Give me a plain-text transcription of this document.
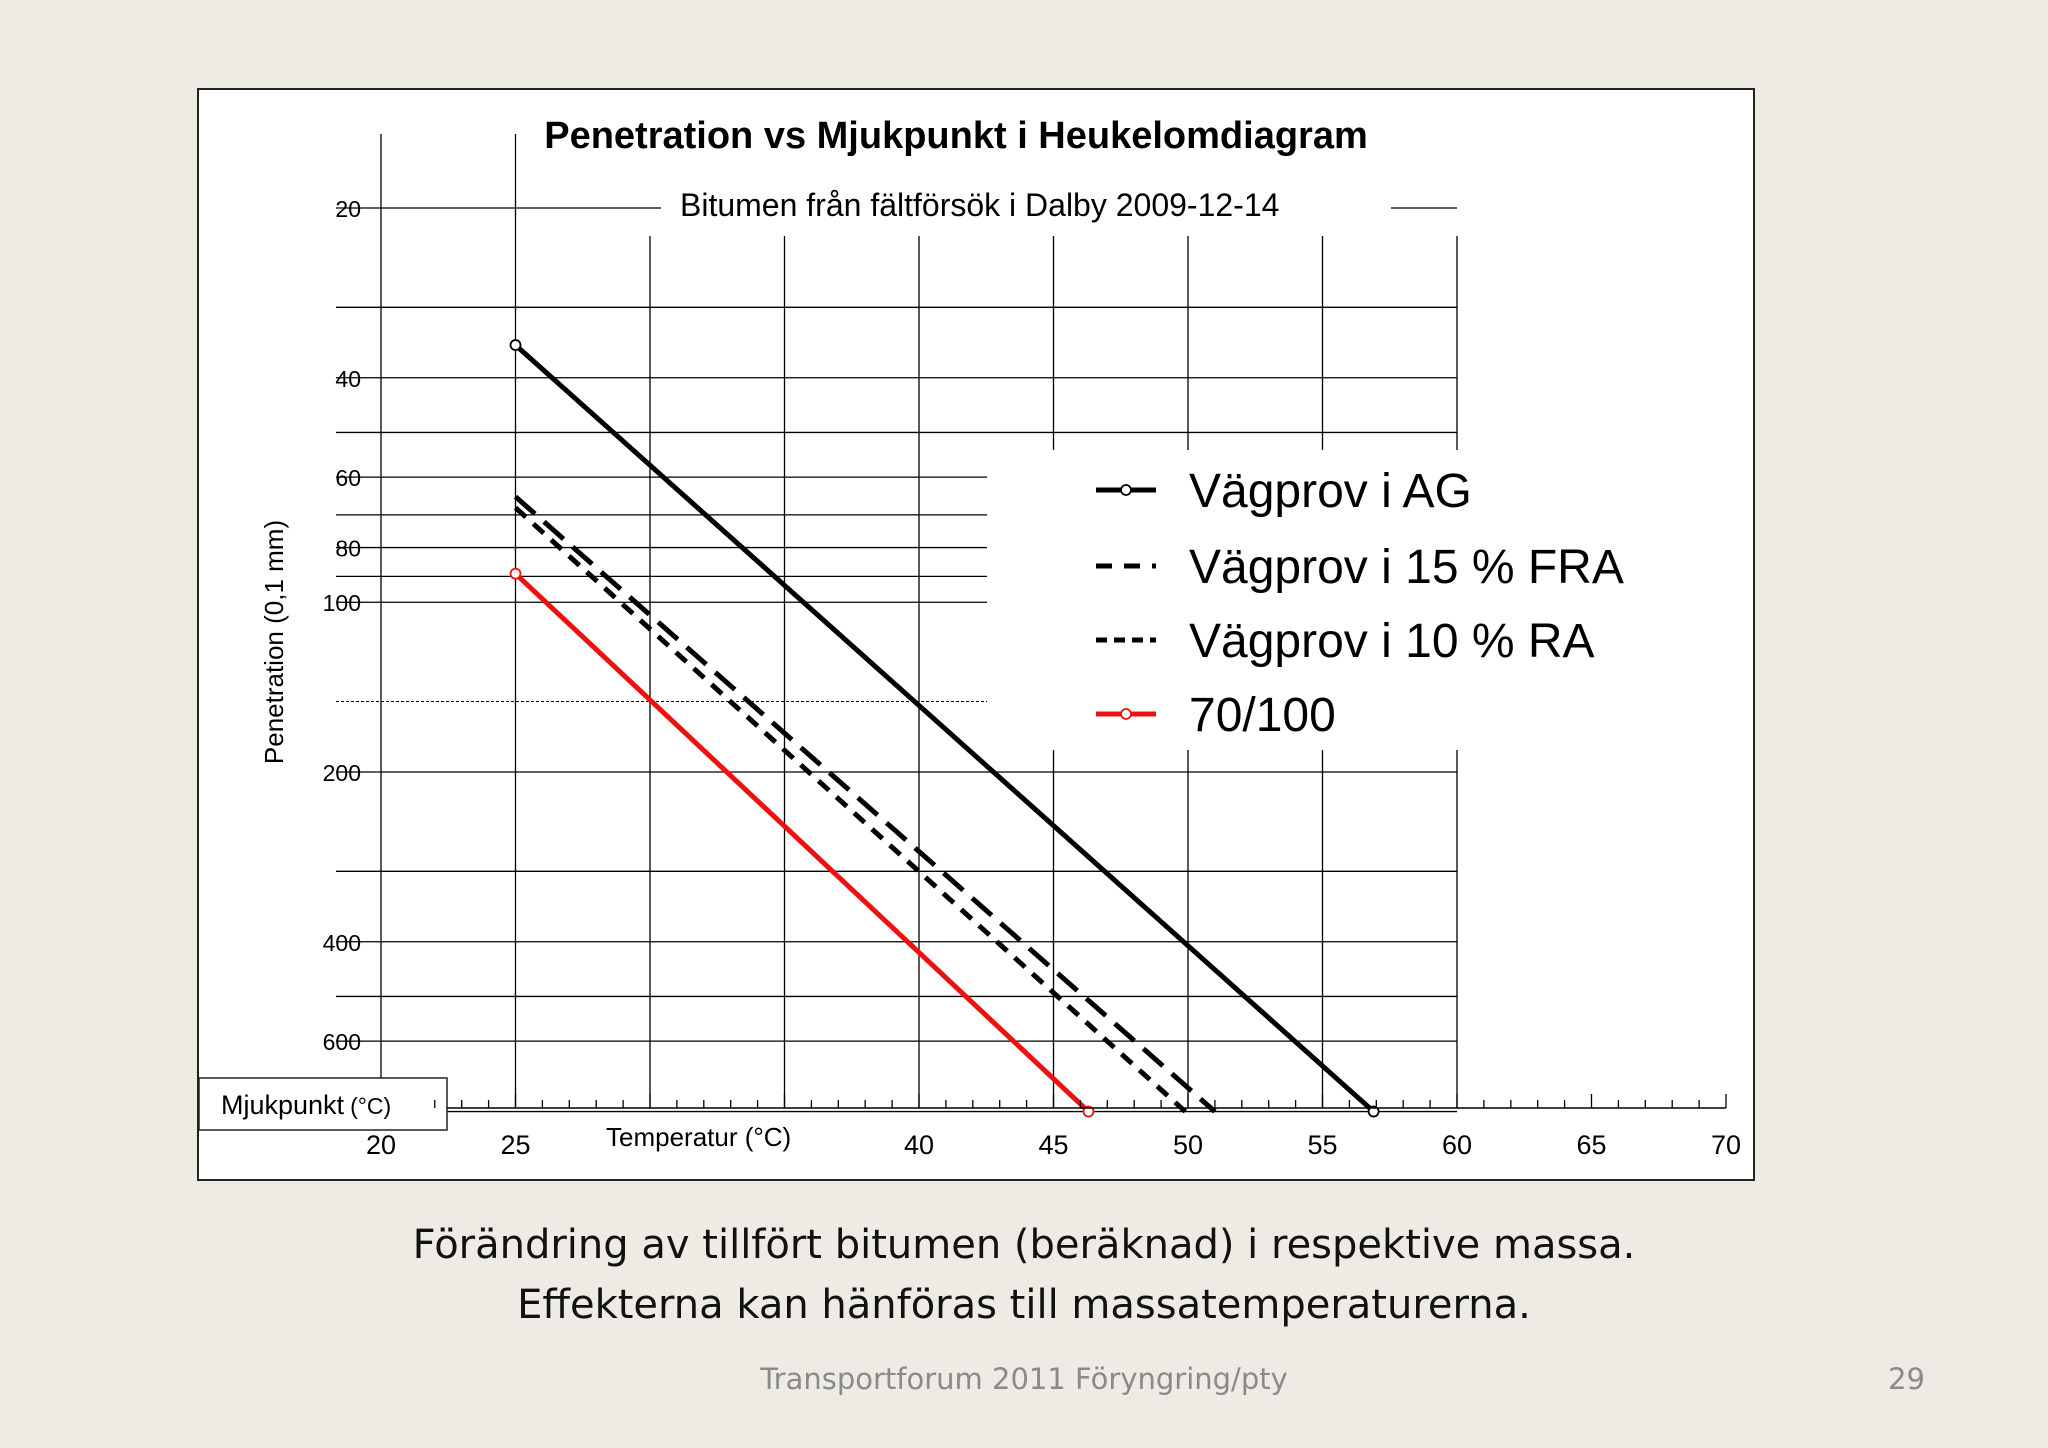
Penetration vs Mjukpunkt i Heukelomdiagram
Bitumen från fältförsök i Dalby 2009-12-14
Penetration (0,1 mm)
20
40
60
80
100
200
400
600
Mjukpunkt (°C)
20	25	40	45	50	55	60	65	70
Temperatur (°C)
Vägprov i AG
Vägprov i 15 % FRA
Vägprov i 10 % RA
70/100
Förändring av tillfört bitumen (beräknad) i respektive massa.
Effekterna kan hänföras till massatemperaturerna.
Transportforum 2011 Föryngring/pty	29
